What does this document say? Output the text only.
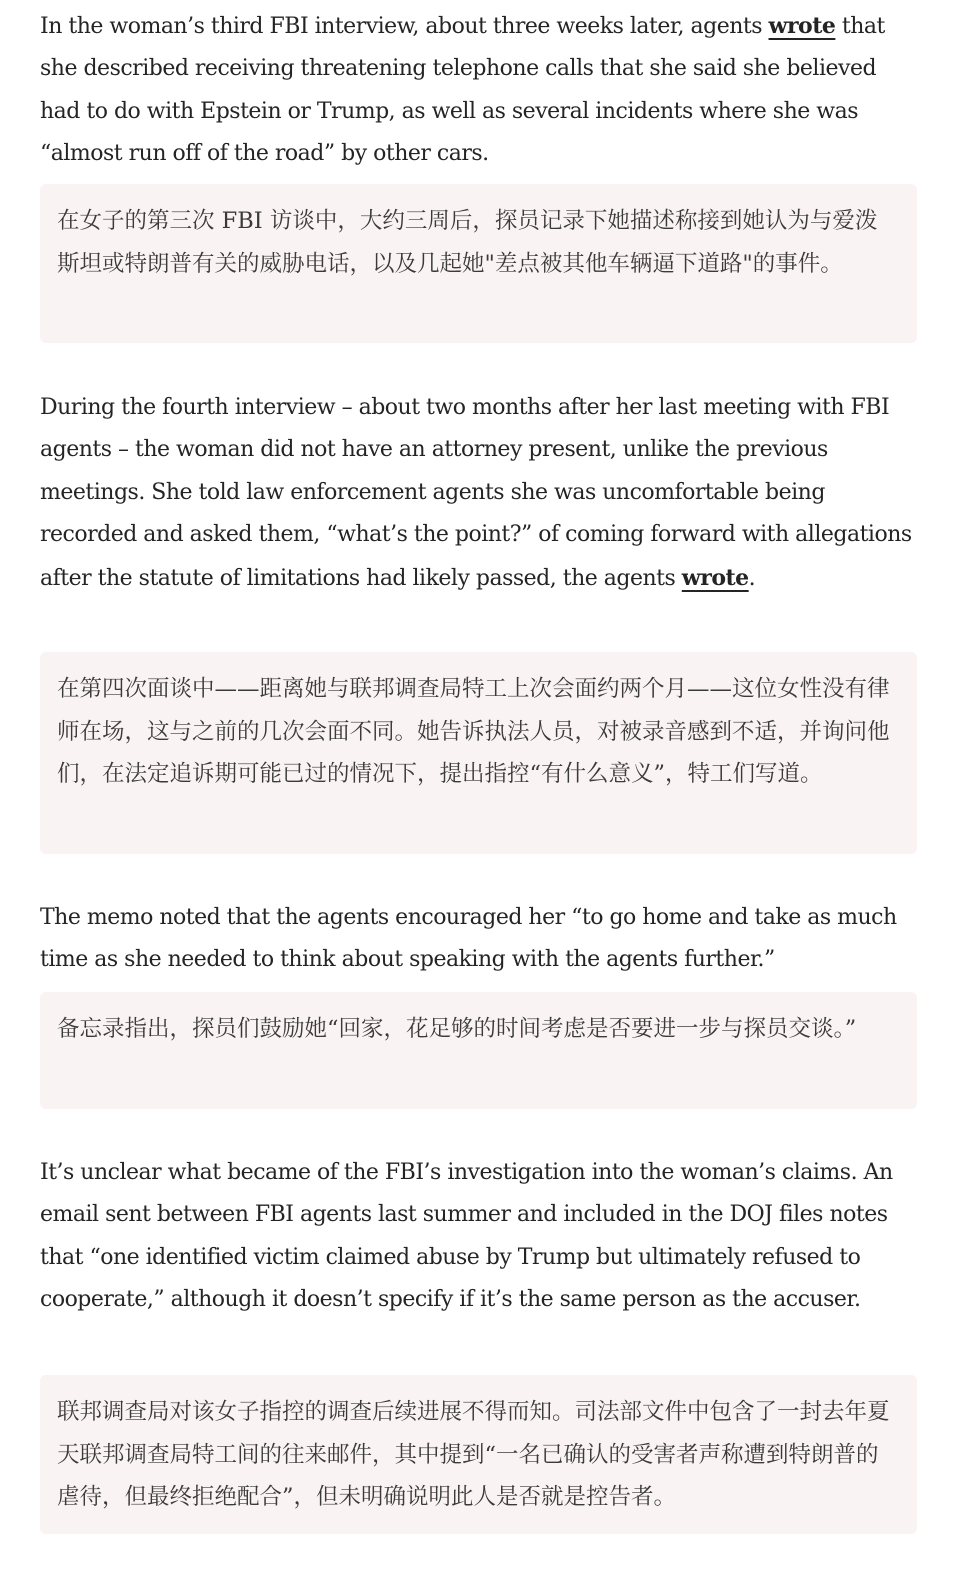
In the woman’s third FBI interview, about three weeks later, agents wrote that she described receiving threatening telephone calls that she said she believed had to do with Epstein or Trump, as well as several incidents where she was “almost run off of the road” by other cars.

在女子的第三次 FBI 访谈中，大约三周后，探员记录下她描述称接到她认为与爱泼斯坦或特朗普有关的威胁电话，以及几起她"差点被其他车辆逼下道路"的事件。

During the fourth interview – about two months after her last meeting with FBI agents – the woman did not have an attorney present, unlike the previous meetings. She told law enforcement agents she was uncomfortable being recorded and asked them, “what’s the point?” of coming forward with allegations after the statute of limitations had likely passed, the agents wrote.

在第四次面谈中——距离她与联邦调查局特工上次会面约两个月——这位女性没有律师在场，这与之前的几次会面不同。她告诉执法人员，对被录音感到不适，并询问他们，在法定追诉期可能已过的情况下，提出指控“有什么意义”，特工们写道。

The memo noted that the agents encouraged her “to go home and take as much time as she needed to think about speaking with the agents further.”

备忘录指出，探员们鼓励她“回家，花足够的时间考虑是否要进一步与探员交谈。”

It’s unclear what became of the FBI’s investigation into the woman’s claims. An email sent between FBI agents last summer and included in the DOJ files notes that “one identified victim claimed abuse by Trump but ultimately refused to cooperate,” although it doesn’t specify if it’s the same person as the accuser.

联邦调查局对该女子指控的调查后续进展不得而知。司法部文件中包含了一封去年夏天联邦调查局特工间的往来邮件，其中提到“一名已确认的受害者声称遭到特朗普的虐待，但最终拒绝配合”，但未明确说明此人是否就是控告者。
